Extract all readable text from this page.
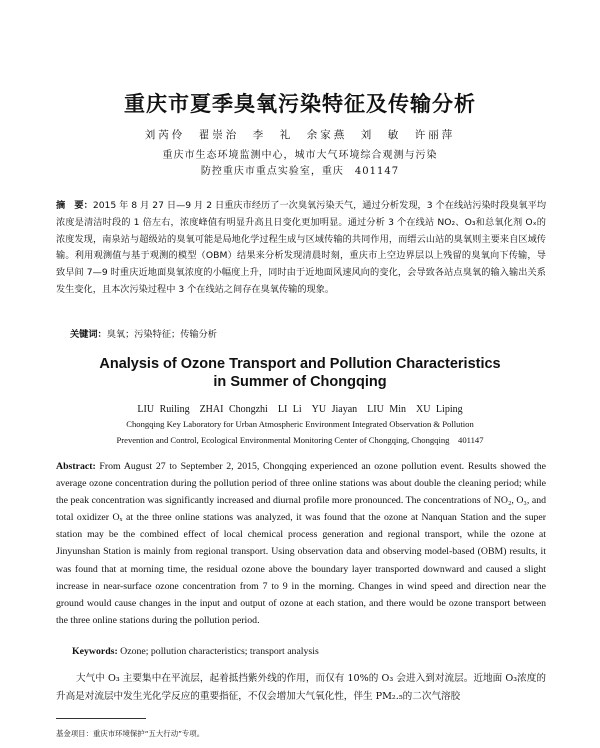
重庆市夏季臭氧污染特征及传输分析
刘芮伶　翟崇治　李　礼　余家燕　刘　敏　许丽萍
重庆市生态环境监测中心，城市大气环境综合观测与污染
防控重庆市重点实验室，重庆　401147
摘　要：2015 年 8 月 27 日—9 月 2 日重庆市经历了一次臭氧污染天气，通过分析发现，3 个在线站污染时段臭氧平均浓度是清洁时段的 1 倍左右，浓度峰值有明显升高且日变化更加明显。通过分析 3 个在线站 NO₂、O₃和总氧化剂 Oₓ的浓度发现，南泉站与超级站的臭氧可能是局地化学过程生成与区域传输的共同作用，而缙云山站的臭氧则主要来自区域传输。利用观测值与基于观测的模型（OBM）结果来分析发现清晨时刻，重庆市上空边界层以上残留的臭氧向下传输，导致早间 7—9 时重庆近地面臭氧浓度的小幅度上升，同时由于近地面风速风向的变化，会导致各站点臭氧的输入输出关系发生变化，且本次污染过程中 3 个在线站之间存在臭氧传输的现象。
关键词：臭氧；污染特征；传输分析
Analysis of Ozone Transport and Pollution Characteristics
in Summer of Chongqing
LIU Ruiling　ZHAI Chongzhi　LI Li　YU Jiayan　LIU Min　XU Liping
Chongqing Key Laboratory for Urban Atmospheric Environment Integrated Observation & Pollution
Prevention and Control, Ecological Environmental Monitoring Center of Chongqing, Chongqing　401147
Abstract: From August 27 to September 2, 2015, Chongqing experienced an ozone pollution event. Results showed the average ozone concentration during the pollution period of three online stations was about double the cleaning period; while the peak concentration was significantly increased and diurnal profile more pronounced. The concentrations of NO₂, O₃, and total oxidizer Oₓ at the three online stations was analyzed, it was found that the ozone at Nanquan Station and the super station may be the combined effect of local chemical process generation and regional transport, while the ozone at Jinyunshan Station is mainly from regional transport. Using observation data and observing model-based (OBM) results, it was found that at morning time, the residual ozone above the boundary layer transported downward and caused a slight increase in near-surface ozone concentration from 7 to 9 in the morning. Changes in wind speed and direction near the ground would cause changes in the input and output of ozone at each station, and there would be ozone transport between the three online stations during the pollution period.
Keywords: Ozone; pollution characteristics; transport analysis
大气中 O₃ 主要集中在平流层，起着抵挡紫外线的作用，而仅有 10%的 O₃ 会进入到对流层。近地面 O₃浓度的升高是对流层中发生光化学反应的重要指征，不仅会增加大气氧化性，伴生 PM₂.₅的二次气溶胶
基金项目：重庆市环境保护“五大行动”专项。
